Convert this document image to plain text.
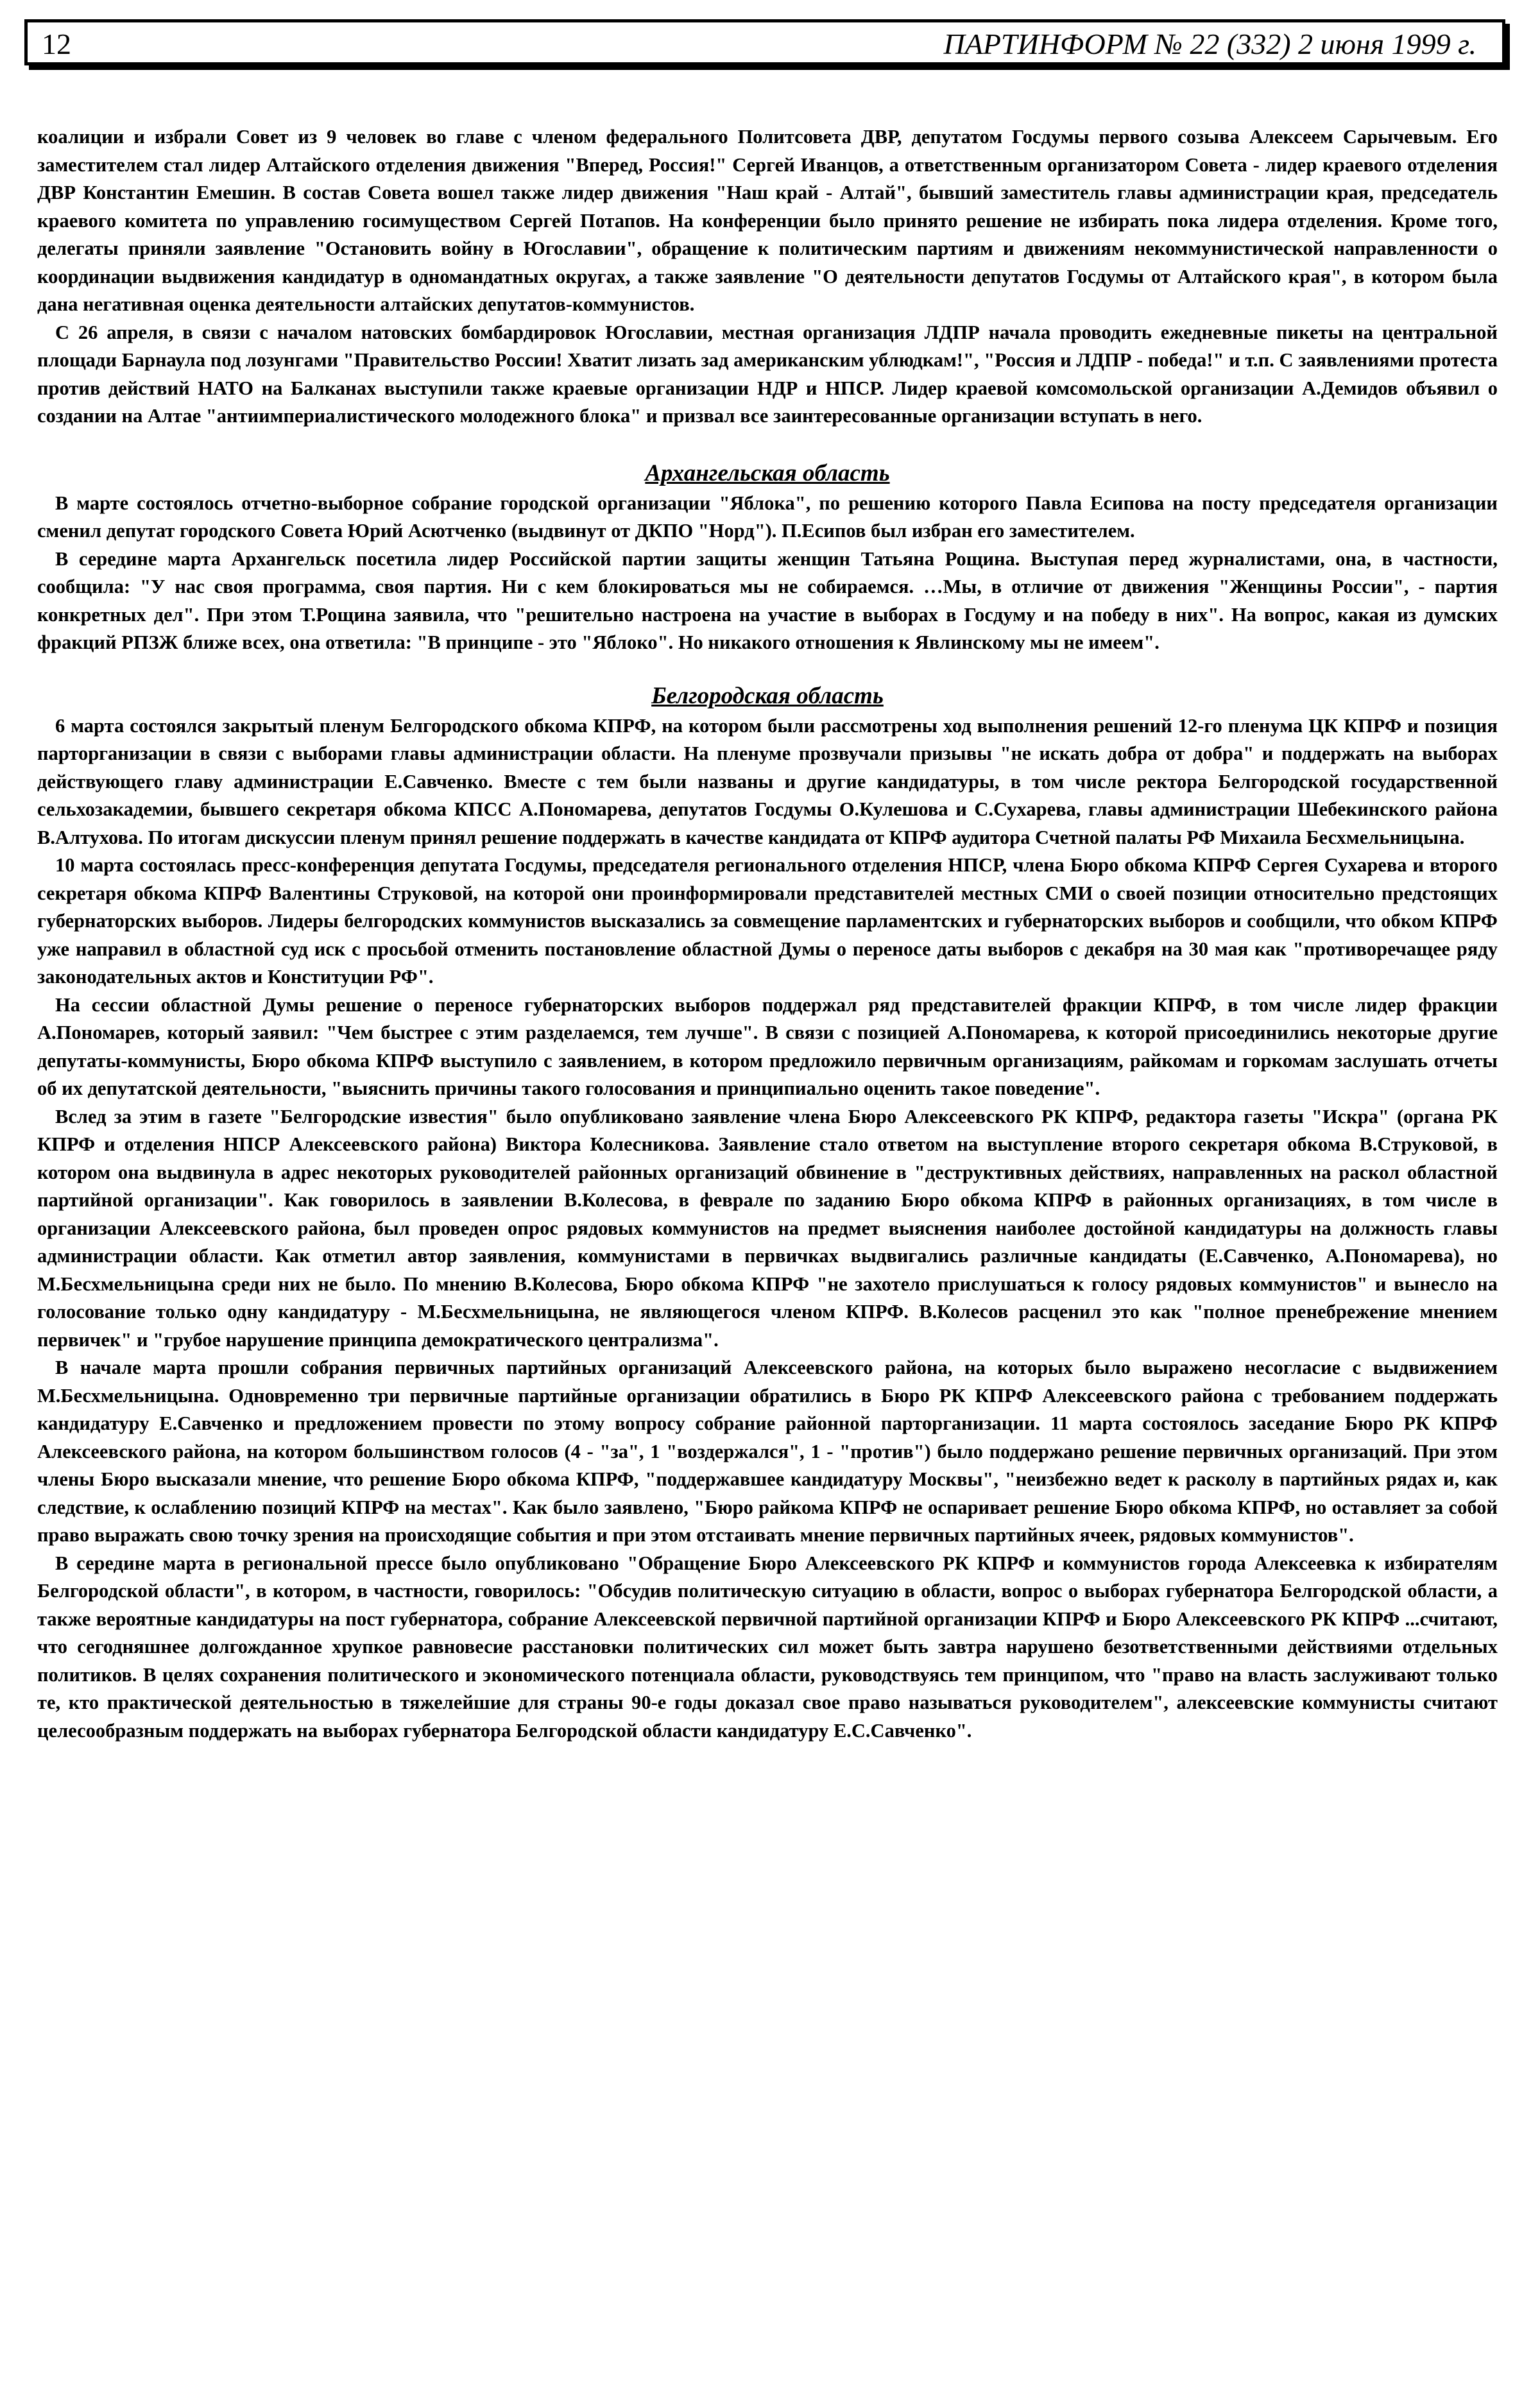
12	ПАРТИНФОРМ № 22 (332) 2 июня 1999 г.

коалиции и избрали Совет из 9 человек во главе с членом федерального Политсовета ДВР, депутатом Госдумы первого созыва Алексеем Сарычевым. Его заместителем стал лидер Алтайского отделения движения "Вперед, Россия!" Сергей Иванцов, а ответственным организатором Совета - лидер краевого отделения ДВР Константин Емешин. В состав Совета вошел также лидер движения "Наш край - Алтай", бывший заместитель главы администрации края, председатель краевого комитета по управлению госимуществом Сергей Потапов. На конференции было принято решение не избирать пока лидера отделения. Кроме того, делегаты приняли заявление "Остановить войну в Югославии", обращение к политическим партиям и движениям некоммунистической направленности о координации выдвижения кандидатур в одномандатных округах, а также заявление "О деятельности депутатов Госдумы от Алтайского края", в котором была дана негативная оценка деятельности алтайских депутатов-коммунистов.

С 26 апреля, в связи с началом натовских бомбардировок Югославии, местная организация ЛДПР начала проводить ежедневные пикеты на центральной площади Барнаула под лозунгами "Правительство России! Хватит лизать зад американским ублюдкам!", "Россия и ЛДПР - победа!" и т.п. С заявлениями протеста против действий НАТО на Балканах выступили также краевые организации НДР и НПСР. Лидер краевой комсомольской организации А.Демидов объявил о создании на Алтае "антиимпериалистического молодежного блока" и призвал все заинтересованные организации вступать в него.

Архангельская область

В марте состоялось отчетно-выборное собрание городской организации "Яблока", по решению которого Павла Есипова на посту председателя организации сменил депутат городского Совета Юрий Асютченко (выдвинут от ДКПО "Норд"). П.Есипов был избран его заместителем.

В середине марта Архангельск посетила лидер Российской партии защиты женщин Татьяна Рощина. Выступая перед журналистами, она, в частности, сообщила: "У нас своя программа, своя партия. Ни с кем блокироваться мы не собираемся. …Мы, в отличие от движения "Женщины России", - партия конкретных дел". При этом Т.Рощина заявила, что "решительно настроена на участие в выборах в Госдуму и на победу в них". На вопрос, какая из думских фракций РПЗЖ ближе всех, она ответила: "В принципе - это "Яблоко". Но никакого отношения к Явлинскому мы не имеем".

Белгородская область

6 марта состоялся закрытый пленум Белгородского обкома КПРФ, на котором были рассмотрены ход выполнения решений 12-го пленума ЦК КПРФ и позиция парторганизации в связи с выборами главы администрации области. На пленуме прозвучали призывы "не искать добра от добра" и поддержать на выборах действующего главу администрации Е.Савченко. Вместе с тем были названы и другие кандидатуры, в том числе ректора Белгородской государственной сельхозакадемии, бывшего секретаря обкома КПСС А.Пономарева, депутатов Госдумы О.Кулешова и С.Сухарева, главы администрации Шебекинского района В.Алтухова. По итогам дискуссии пленум принял решение поддержать в качестве кандидата от КПРФ аудитора Счетной палаты РФ Михаила Бесхмельницына.

10 марта состоялась пресс-конференция депутата Госдумы, председателя регионального отделения НПСР, члена Бюро обкома КПРФ Сергея Сухарева и второго секретаря обкома КПРФ Валентины Струковой, на которой они проинформировали представителей местных СМИ о своей позиции относительно предстоящих губернаторских выборов. Лидеры белгородских коммунистов высказались за совмещение парламентских и губернаторских выборов и сообщили, что обком КПРФ уже направил в областной суд иск с просьбой отменить постановление областной Думы о переносе даты выборов с декабря на 30 мая как "противоречащее ряду законодательных актов и Конституции РФ".

На сессии областной Думы решение о переносе губернаторских выборов поддержал ряд представителей фракции КПРФ, в том числе лидер фракции А.Пономарев, который заявил: "Чем быстрее с этим разделаемся, тем лучше". В связи с позицией А.Пономарева, к которой присоединились некоторые другие депутаты-коммунисты, Бюро обкома КПРФ выступило с заявлением, в котором предложило первичным организациям, райкомам и горкомам заслушать отчеты об их депутатской деятельности, "выяснить причины такого голосования и принципиально оценить такое поведение".

Вслед за этим в газете "Белгородские известия" было опубликовано заявление члена Бюро Алексеевского РК КПРФ, редактора газеты "Искра" (органа РК КПРФ и отделения НПСР Алексеевского района) Виктора Колесникова. Заявление стало ответом на выступление второго секретаря обкома В.Струковой, в котором она выдвинула в адрес некоторых руководителей районных организаций обвинение в "деструктивных действиях, направленных на раскол областной партийной организации". Как говорилось в заявлении В.Колесова, в феврале по заданию Бюро обкома КПРФ в районных организациях, в том числе в организации Алексеевского района, был проведен опрос рядовых коммунистов на предмет выяснения наиболее достойной кандидатуры на должность главы администрации области. Как отметил автор заявления, коммунистами в первичках выдвигались различные кандидаты (Е.Савченко, А.Пономарева), но М.Бесхмельницына среди них не было. По мнению В.Колесова, Бюро обкома КПРФ "не захотело прислушаться к голосу рядовых коммунистов" и вынесло на голосование только одну кандидатуру - М.Бесхмельницына, не являющегося членом КПРФ. В.Колесов расценил это как "полное пренебрежение мнением первичек" и "грубое нарушение принципа демократического централизма".

В начале марта прошли собрания первичных партийных организаций Алексеевского района, на которых было выражено несогласие с выдвижением М.Бесхмельницына. Одновременно три первичные партийные организации обратились в Бюро РК КПРФ Алексеевского района с требованием поддержать кандидатуру Е.Савченко и предложением провести по этому вопросу собрание районной парторганизации. 11 марта состоялось заседание Бюро РК КПРФ Алексеевского района, на котором большинством голосов (4 - "за", 1 "воздержался", 1 - "против") было поддержано решение первичных организаций. При этом члены Бюро высказали мнение, что решение Бюро обкома КПРФ, "поддержавшее кандидатуру Москвы", "неизбежно ведет к расколу в партийных рядах и, как следствие, к ослаблению позиций КПРФ на местах". Как было заявлено, "Бюро райкома КПРФ не оспаривает решение Бюро обкома КПРФ, но оставляет за собой право выражать свою точку зрения на происходящие события и при этом отстаивать мнение первичных партийных ячеек, рядовых коммунистов".

В середине марта в региональной прессе было опубликовано "Обращение Бюро Алексеевского РК КПРФ и коммунистов города Алексеевка к избирателям Белгородской области", в котором, в частности, говорилось: "Обсудив политическую ситуацию в области, вопрос о выборах губернатора Белгородской области, а также вероятные кандидатуры на пост губернатора, собрание Алексеевской первичной партийной организации КПРФ и Бюро Алексеевского РК КПРФ ...считают, что сегодняшнее долгожданное хрупкое равновесие расстановки политических сил может быть завтра нарушено безответственными действиями отдельных политиков. В целях сохранения политического и экономического потенциала области, руководствуясь тем принципом, что "право на власть заслуживают только те, кто практической деятельностью в тяжелейшие для страны 90-е годы доказал свое право называться руководителем", алексеевские коммунисты считают целесообразным поддержать на выборах губернатора Белгородской области кандидатуру Е.С.Савченко".
